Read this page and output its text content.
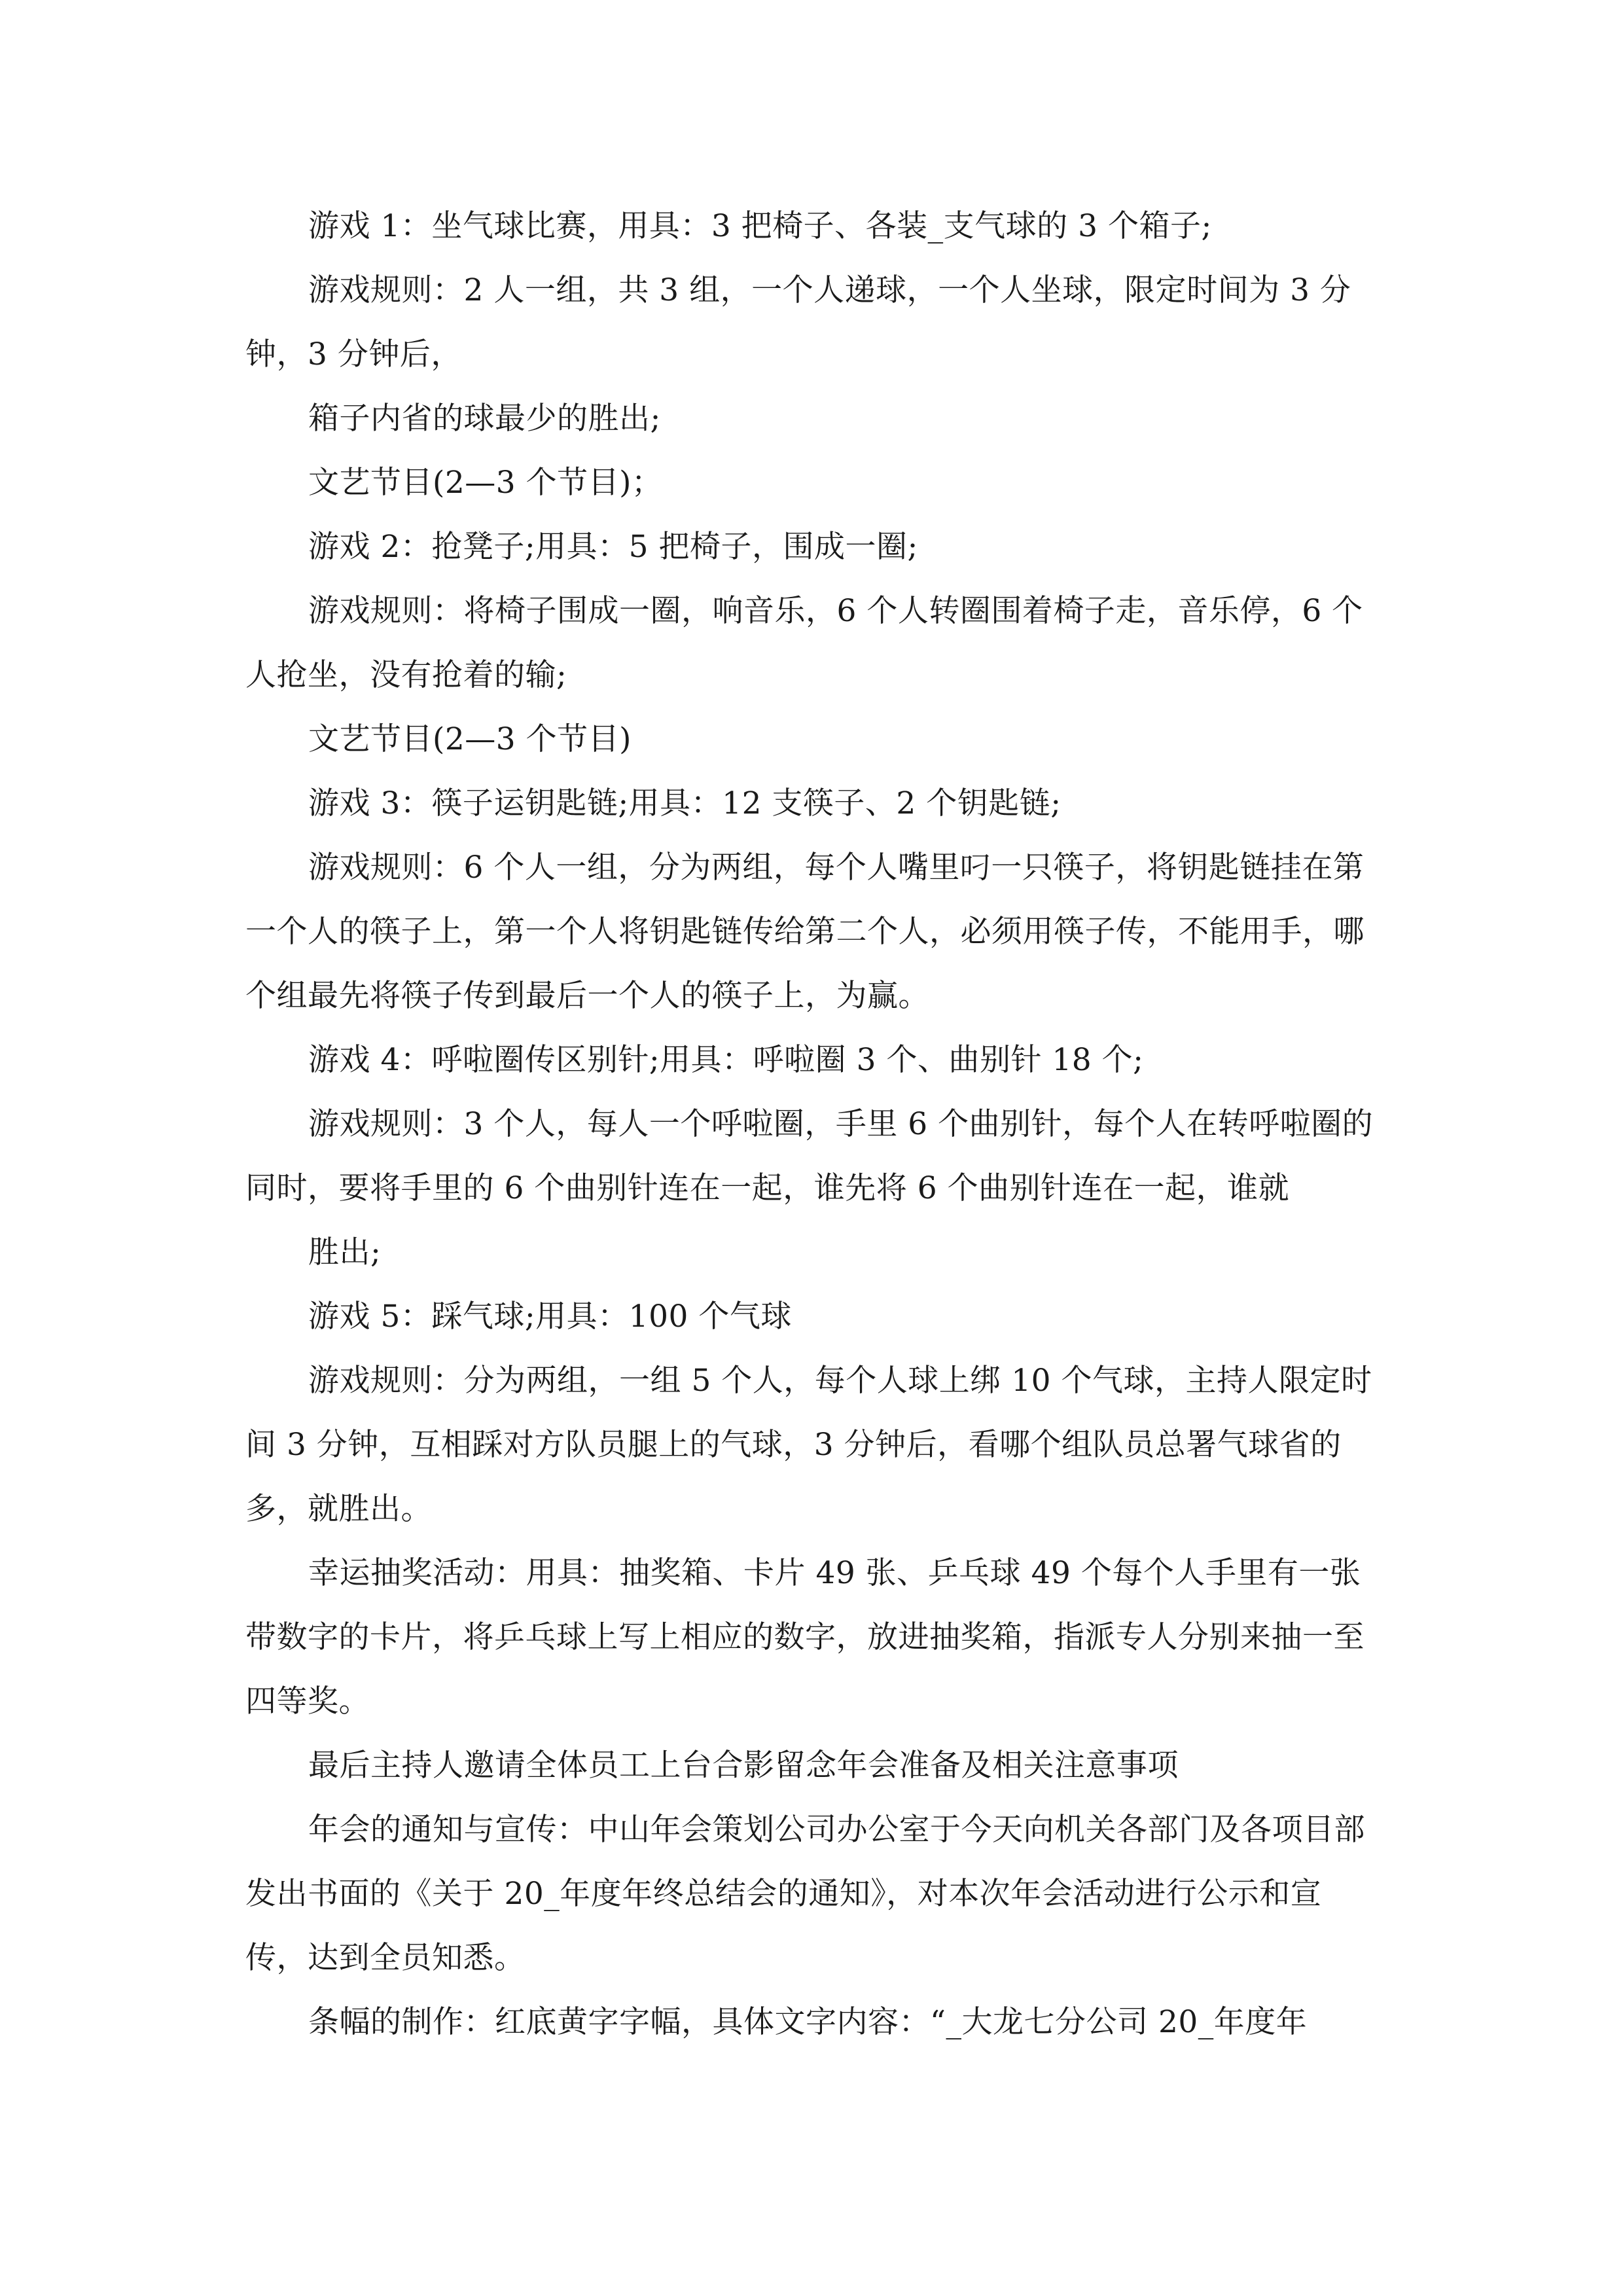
游戏 1：坐气球比赛，用具：3 把椅子、各装_支气球的 3 个箱子;

游戏规则：2 人一组，共 3 组，一个人递球，一个人坐球，限定时间为 3 分钟，3 分钟后，

箱子内省的球最少的胜出;

文艺节目(2—3 个节目)；

游戏 2：抢凳子;用具：5 把椅子，围成一圈;

游戏规则：将椅子围成一圈，响音乐，6 个人转圈围着椅子走，音乐停，6 个人抢坐，没有抢着的输;

文艺节目(2—3 个节目)

游戏 3：筷子运钥匙链;用具：12 支筷子、2 个钥匙链;

游戏规则：6 个人一组，分为两组，每个人嘴里叼一只筷子，将钥匙链挂在第一个人的筷子上，第一个人将钥匙链传给第二个人，必须用筷子传，不能用手，哪个组最先将筷子传到最后一个人的筷子上，为赢。

游戏 4：呼啦圈传区别针;用具：呼啦圈 3 个、曲别针 18 个;

游戏规则：3 个人，每人一个呼啦圈，手里 6 个曲别针，每个人在转呼啦圈的同时，要将手里的 6 个曲别针连在一起，谁先将 6 个曲别针连在一起，谁就

胜出;

游戏 5：踩气球;用具：100 个气球

游戏规则：分为两组，一组 5 个人，每个人球上绑 10 个气球，主持人限定时间 3 分钟，互相踩对方队员腿上的气球，3 分钟后，看哪个组队员总署气球省的多，就胜出。

幸运抽奖活动：用具：抽奖箱、卡片 49 张、乒乓球 49 个每个人手里有一张带数字的卡片，将乒乓球上写上相应的数字，放进抽奖箱，指派专人分别来抽一至四等奖。

最后主持人邀请全体员工上台合影留念年会准备及相关注意事项

年会的通知与宣传：中山年会策划公司办公室于今天向机关各部门及各项目部发出书面的《关于 20_年度年终总结会的通知》，对本次年会活动进行公示和宣传，达到全员知悉。

条幅的制作：红底黄字字幅，具体文字内容：“_大龙七分公司 20_年度年
